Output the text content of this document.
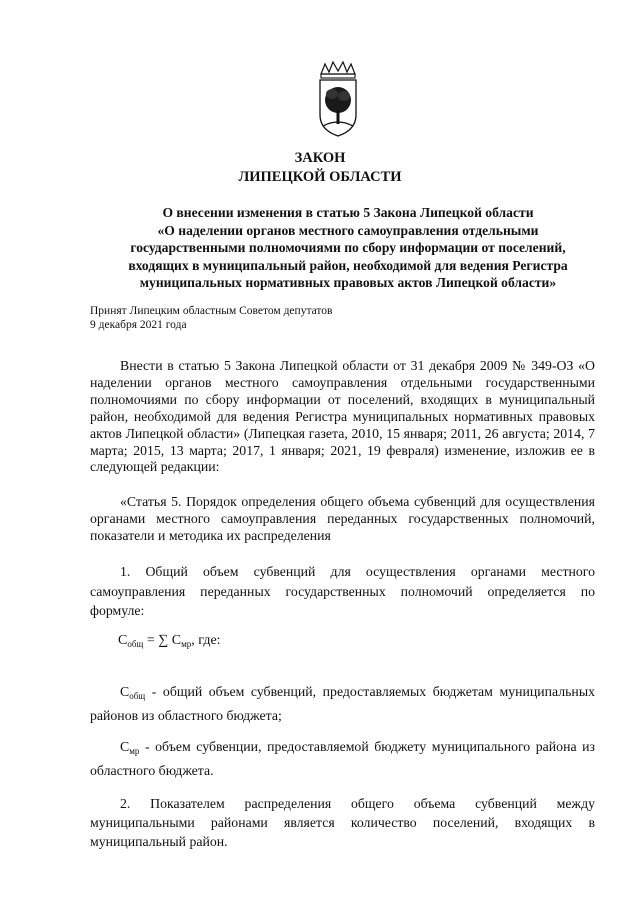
ЗАКОН
ЛИПЕЦКОЙ ОБЛАСТИ
О внесении изменения в статью 5 Закона Липецкой области
«О наделении органов местного самоуправления отдельными
государственными полномочиями по сбору информации от поселений,
входящих в муниципальный район, необходимой для ведения Регистра
муниципальных нормативных правовых актов Липецкой области»
Принят Липецким областным Советом депутатов
9 декабря 2021 года

Внести в статью 5 Закона Липецкой области от 31 декабря 2009 № 349-ОЗ «О наделении органов местного самоуправления отдельными государственными полномочиями по сбору информации от поселений, входящих в муниципальный район, необходимой для ведения Регистра муниципальных нормативных правовых актов Липецкой области» (Липецкая газета, 2010, 15 января; 2011, 26 августа; 2014, 7 марта; 2015, 13 марта; 2017, 1 января; 2021, 19 февраля) изменение, изложив ее в следующей редакции:

«Статья 5. Порядок определения общего объема субвенций для осуществления органами местного самоуправления переданных государственных полномочий, показатели и методика их распределения

1. Общий объем субвенций для осуществления органами местного самоуправления переданных государственных полномочий определяется по формуле:

$С_{общ}$ = ∑ $С_{мр}$, где:

$С_{общ}$ - общий объем субвенций, предоставляемых бюджетам муниципальных районов из областного бюджета;

$С_{мр}$ - объем субвенции, предоставляемой бюджету муниципального района из областного бюджета.

2. Показателем распределения общего объема субвенций между муниципальными районами является количество поселений, входящих в муниципальный район.
